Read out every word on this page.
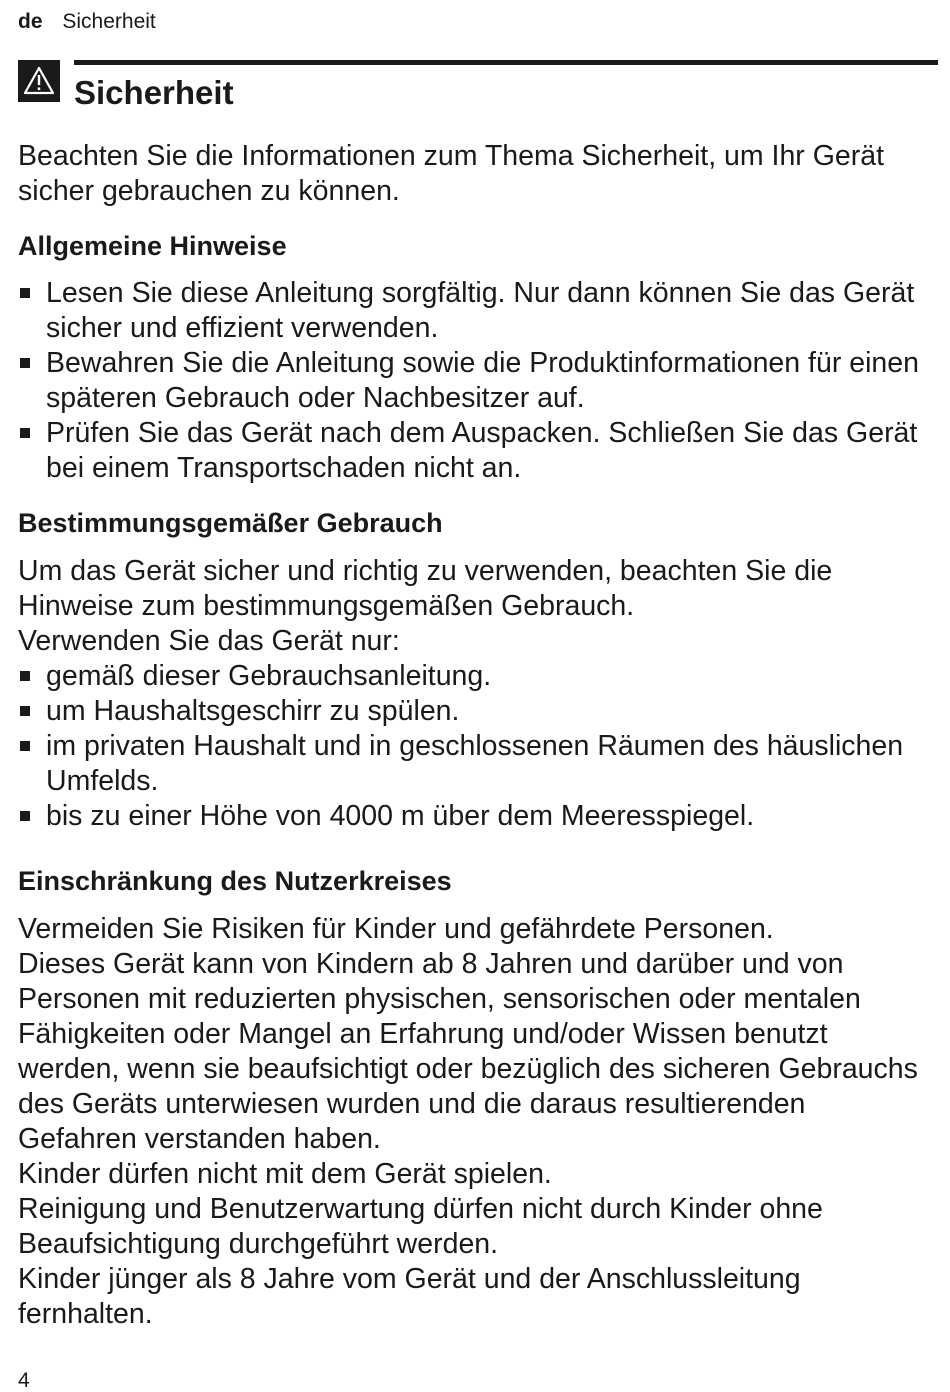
de Sicherheit
Sicherheit

Beachten Sie die Informationen zum Thema Sicherheit, um Ihr Gerät sicher gebrauchen zu können.

Allgemeine Hinweise
Lesen Sie diese Anleitung sorgfältig. Nur dann können Sie das Gerät sicher und effizient verwenden.
Bewahren Sie die Anleitung sowie die Produktinformationen für einen späteren Gebrauch oder Nachbesitzer auf.
Prüfen Sie das Gerät nach dem Auspacken. Schließen Sie das Gerät bei einem Transportschaden nicht an.
Bestimmungsgemäßer Gebrauch

Um das Gerät sicher und richtig zu verwenden, beachten Sie die Hinweise zum bestimmungsgemäßen Gebrauch.

Verwenden Sie das Gerät nur:

gemäß dieser Gebrauchsanleitung.
um Haushaltsgeschirr zu spülen.
im privaten Haushalt und in geschlossenen Räumen des häuslichen Umfelds.
bis zu einer Höhe von 4000 m über dem Meeresspiegel.
Einschränkung des Nutzerkreises

Vermeiden Sie Risiken für Kinder und gefährdete Personen.

Dieses Gerät kann von Kindern ab 8 Jahren und darüber und von Personen mit reduzierten physischen, sensorischen oder mentalen Fähigkeiten oder Mangel an Erfahrung und/oder Wissen benutzt werden, wenn sie beaufsichtigt oder bezüglich des sicheren Gebrauchs des Geräts unterwiesen wurden und die daraus resultierenden Gefahren verstanden haben.

Kinder dürfen nicht mit dem Gerät spielen.

Reinigung und Benutzerwartung dürfen nicht durch Kinder ohne Beaufsichtigung durchgeführt werden.

Kinder jünger als 8 Jahre vom Gerät und der Anschlussleitung fernhalten.

4
